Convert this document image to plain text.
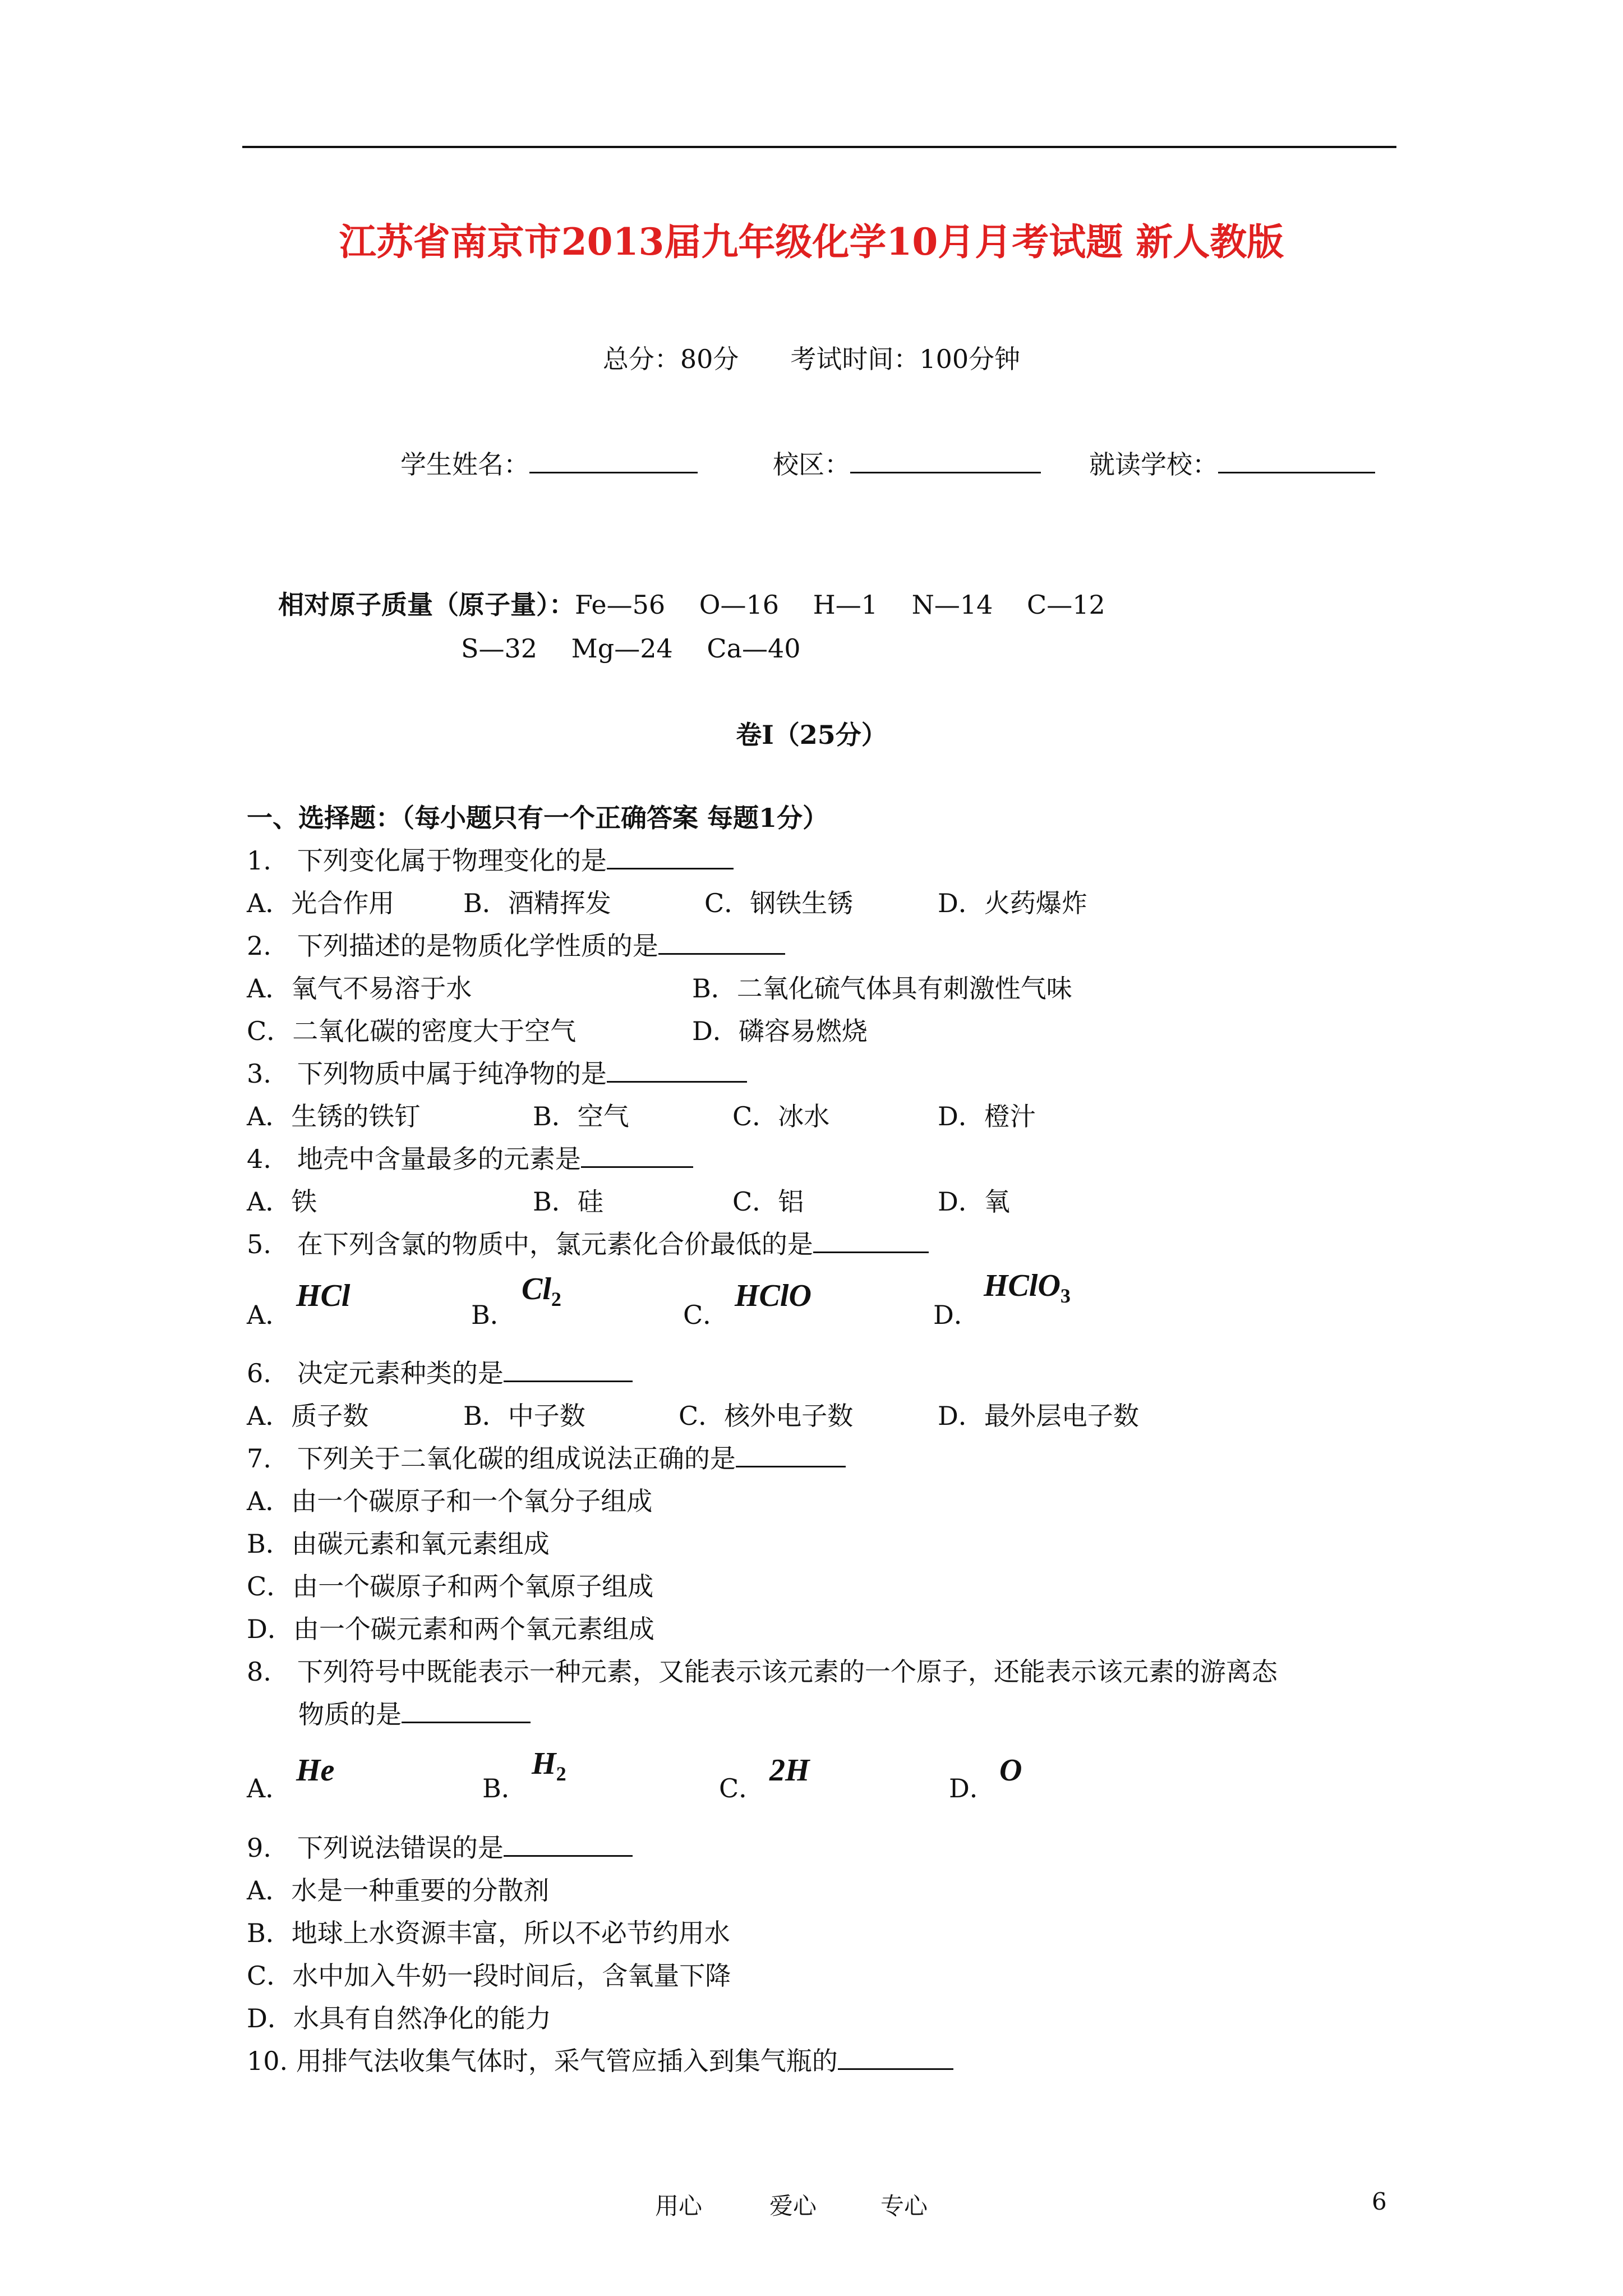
江苏省南京市2013届九年级化学10月月考试题 新人教版
总分：80分　　考试时间：100分钟
学生姓名：	校区：	就读学校：
相对原子质量（原子量）：Fe—56　 O—16　 H—1　 N—14　 C—12
S—32　 Mg—24　 Ca—40
卷Ⅰ（25分）
一、选择题：（每小题只有一个正确答案 每题1分）
1.　下列变化属于物理变化的是
A．光合作用	B．酒精挥发	C．钢铁生锈	D．火药爆炸
2.　下列描述的是物质化学性质的是
A．氧气不易溶于水	B．二氧化硫气体具有刺激性气味
C．二氧化碳的密度大于空气	D．磷容易燃烧
3.　下列物质中属于纯净物的是
A．生锈的铁钉	B．空气	C．冰水	D．橙汁
4.　地壳中含量最多的元素是
A．铁	B．硅	C．铝	D．氧
5.　在下列含氯的物质中，氯元素化合价最低的是
A．
HCl
B．
$Cl_2$
C．
HClO
D．
HClO$_3$
6.　决定元素种类的是
A．质子数	B．中子数	C．核外电子数	D．最外层电子数
7.　下列关于二氧化碳的组成说法正确的是
A．由一个碳原子和一个氧分子组成
B．由碳元素和氧元素组成
C．由一个碳原子和两个氧原子组成
D．由一个碳元素和两个氧元素组成
8.　下列符号中既能表示一种元素，又能表示该元素的一个原子，还能表示该元素的游离态
物质的是
A．
He
B．
$H_2$	C．
2H
D．
O
9.　下列说法错误的是
A．水是一种重要的分散剂
B．地球上水资源丰富，所以不必节约用水
C．水中加入牛奶一段时间后，含氧量下降
D．水具有自然净化的能力
10. 用排气法收集气体时，采气管应插入到集气瓶的
用心	爱心	专心	6
